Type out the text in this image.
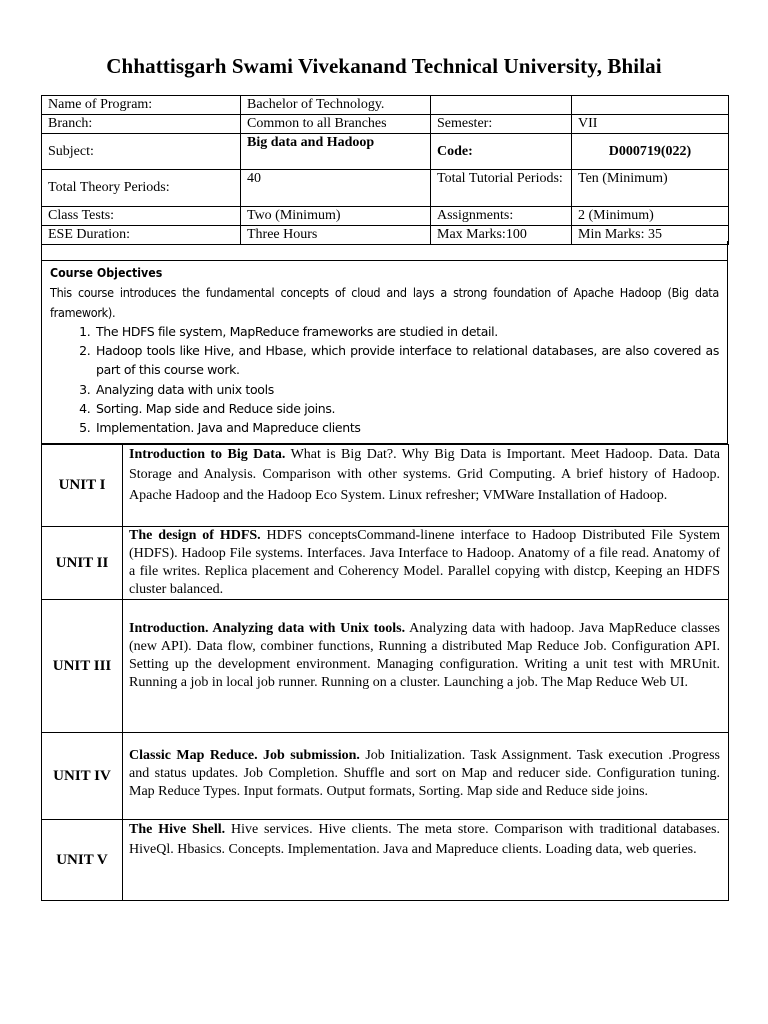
Chhattisgarh Swami Vivekanand Technical University, Bhilai
Name of Program:	Bachelor of Technology.		
Branch:	Common to all Branches	Semester:	VII
Subject:	Big data and Hadoop	Code:	D000719(022)
Total Theory Periods:	40	Total Tutorial Periods:	Ten (Minimum)
Class Tests:	Two (Minimum)	Assignments:	2 (Minimum)
ESE Duration:	Three Hours	Max Marks:100	Min Marks: 35
Course Objectives
This course introduces the fundamental concepts of cloud and lays a strong foundation of Apache Hadoop (Big data framework).
1. The HDFS file system, MapReduce frameworks are studied in detail.
2. Hadoop tools like Hive, and Hbase, which provide interface to relational databases, are also covered as part of this course work.
3. Analyzing data with unix tools
4. Sorting. Map side and Reduce side joins.
5. Implementation. Java and Mapreduce clients
UNIT I	Introduction to Big Data. What is Big Dat?. Why Big Data is Important. Meet Hadoop. Data. Data Storage and Analysis. Comparison with other systems. Grid Computing. A brief history of Hadoop. Apache Hadoop and the Hadoop Eco System. Linux refresher; VMWare Installation of Hadoop.
UNIT II	The design of HDFS. HDFS conceptsCommand-linene interface to Hadoop Distributed File System (HDFS). Hadoop File systems. Interfaces. Java Interface to Hadoop. Anatomy of a file read. Anatomy of a file writes. Replica placement and Coherency Model. Parallel copying with distcp, Keeping an HDFS cluster balanced.
UNIT III	Introduction. Analyzing data with Unix tools. Analyzing data with hadoop. Java MapReduce classes (new API). Data flow, combiner functions, Running a distributed Map Reduce Job. Configuration API. Setting up the development environment. Managing configuration. Writing a unit test with MRUnit. Running a job in local job runner. Running on a cluster. Launching a job. The Map Reduce Web UI.
UNIT IV	Classic Map Reduce. Job submission. Job Initialization. Task Assignment. Task execution .Progress and status updates. Job Completion. Shuffle and sort on Map and reducer side. Configuration tuning. Map Reduce Types. Input formats. Output formats, Sorting. Map side and Reduce side joins.
UNIT V	The Hive Shell. Hive services. Hive clients. The meta store. Comparison with traditional databases. HiveQl. Hbasics. Concepts. Implementation. Java and Mapreduce clients. Loading data, web queries.
